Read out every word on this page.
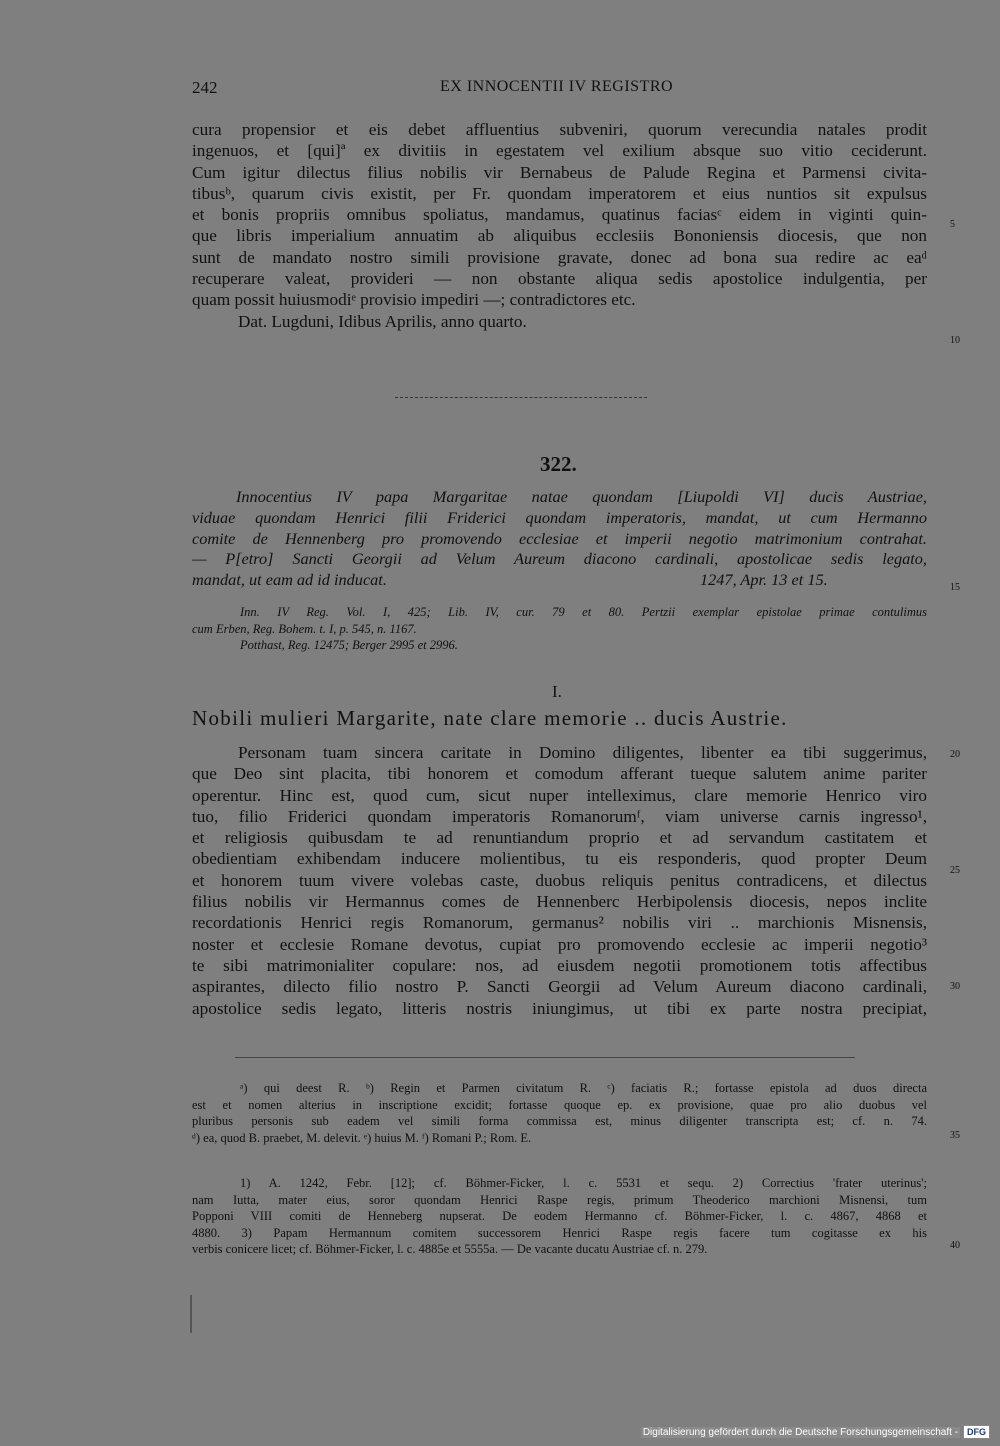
242	EX INNOCENTII IV REGISTRO
cura propensior et eis debet affluentius subveniri, quorum verecundia natales prodit
ingenuos, et [qui]ª ex divitiis in egestatem vel exilium absque suo vitio ceciderunt.
Cum igitur dilectus filius nobilis vir Bernabeus de Palude Regina et Parmensi civita-
tibusᵇ, quarum civis existit, per Fr. quondam imperatorem et eius nuntios sit expulsus
et bonis propriis omnibus spoliatus, mandamus, quatinus faciasᶜ eidem in viginti quin-
que libris imperialium annuatim ab aliquibus ecclesiis Bononiensis diocesis, que non
sunt de mandato nostro simili provisione gravate, donec ad bona sua redire ac eaᵈ
recuperare valeat, provideri — non obstante aliqua sedis apostolice indulgentia, per
quam possit huiusmodiᵉ provisio impediri —; contradictores etc.
Dat. Lugduni, Idibus Aprilis, anno quarto.
5
10
322.
Innocentius IV papa Margaritae natae quondam [Liupoldi VI] ducis Austriae,
viduae quondam Henrici filii Friderici quondam imperatoris, mandat, ut cum Hermanno
comite de Hennenberg pro promovendo ecclesiae et imperii negotio matrimonium contrahat.
— P[etro] Sancti Georgii ad Velum Aureum diacono cardinali, apostolicae sedis legato,
mandat, ut eam ad id inducat.	1247, Apr. 13 et 15.	15
Inn. IV Reg. Vol. I, 425; Lib. IV, cur. 79 et 80. Pertzii exemplar epistolae primae contulimus
cum Erben, Reg. Bohem. t. I, p. 545, n. 1167.
Potthast, Reg. 12475; Berger 2995 et 2996.
I.
Nobili mulieri Margarite, nate clare memorie .. ducis Austrie.
Personam tuam sincera caritate in Domino diligentes, libenter ea tibi suggerimus,
que Deo sint placita, tibi honorem et comodum afferant tueque salutem anime pariter
operentur. Hinc est, quod cum, sicut nuper intelleximus, clare memorie Henrico viro
tuo, filio Friderici quondam imperatoris Romanorumᶠ, viam universe carnis ingresso¹,
et religiosis quibusdam te ad renuntiandum proprio et ad servandum castitatem et
obedientiam exhibendam inducere molientibus, tu eis responderis, quod propter Deum
et honorem tuum vivere volebas caste, duobus reliquis penitus contradicens, et dilectus
filius nobilis vir Hermannus comes de Hennenberc Herbipolensis diocesis, nepos inclite
recordationis Henrici regis Romanorum, germanus² nobilis viri .. marchionis Misnensis,
noster et ecclesie Romane devotus, cupiat pro promovendo ecclesie ac imperii negotio³
te sibi matrimonialiter copulare: nos, ad eiusdem negotii promotionem totis affectibus
aspirantes, dilecto filio nostro P. Sancti Georgii ad Velum Aureum diacono cardinali,
apostolice sedis legato, litteris nostris iniungimus, ut tibi ex parte nostra precipiat,
20
25
30
ᵃ) qui deest R. ᵇ) Regin et Parmen civitatum R. ᶜ) faciatis R.; fortasse epistola ad duos directa
est et nomen alterius in inscriptione excidit; fortasse quoque ep. ex provisione, quae pro alio duobus vel
pluribus personis sub eadem vel simili forma commissa est, minus diligenter transcripta est; cf. n. 74.
ᵈ) ea, quod B. praebet, M. delevit. ᵉ) huius M. ᶠ) Romani P.; Rom. E.	35
1) A. 1242, Febr. [12]; cf. Böhmer-Ficker, l. c. 5531 et sequ. 2) Correctius 'frater uterinus';
nam Iutta, mater eius, soror quondam Henrici Raspe regis, primum Theoderico marchioni Misnensi, tum
Popponi VIII comiti de Henneberg nupserat. De eodem Hermanno cf. Böhmer-Ficker, l. c. 4867, 4868 et
4880. 3) Papam Hermannum comitem successorem Henrici Raspe regis facere tum cogitasse ex his
verbis conicere licet; cf. Böhmer-Ficker, l. c. 4885e et 5555a. — De vacante ducatu Austriae cf. n. 279.	40
Digitalisierung gefördert durch die Deutsche Forschungsgemeinschaft -	DFG
